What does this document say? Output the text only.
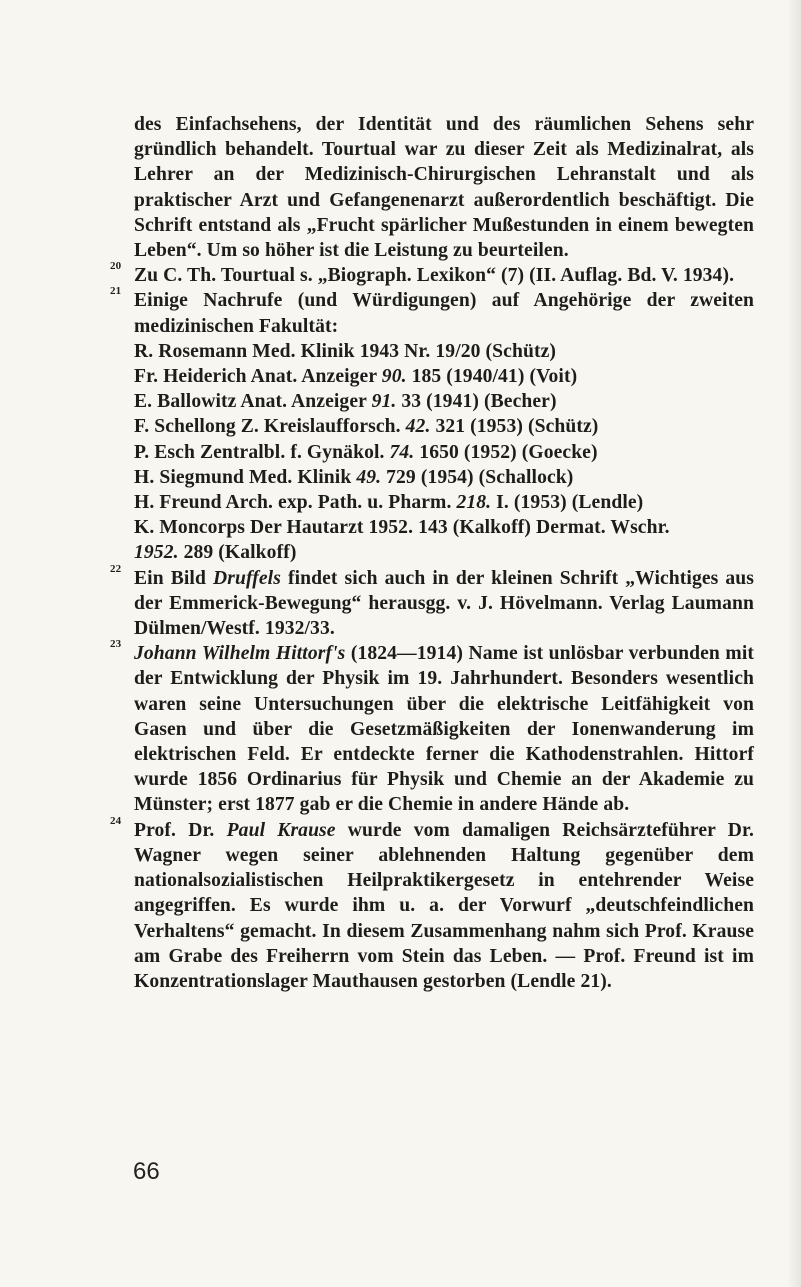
des Einfachsehens, der Identität und des räumlichen Sehens sehr gründlich behandelt. Tourtual war zu dieser Zeit als Medizinalrat, als Lehrer an der Medizinisch-Chirurgischen Lehranstalt und als praktischer Arzt und Gefangenenarzt außerordentlich beschäftigt. Die Schrift entstand als „Frucht spärlicher Mußestunden in einem bewegten Leben“. Um so höher ist die Leistung zu beurteilen.
20 Zu C. Th. Tourtual s. „Biograph. Lexikon“ (7) (II. Auflag. Bd. V. 1934).
21 Einige Nachrufe (und Würdigungen) auf Angehörige der zweiten medizinischen Fakultät:
R. Rosemann Med. Klinik 1943 Nr. 19/20 (Schütz)
Fr. Heiderich Anat. Anzeiger 90. 185 (1940/41) (Voit)
E. Ballowitz Anat. Anzeiger 91. 33 (1941) (Becher)
F. Schellong Z. Kreislaufforsch. 42. 321 (1953) (Schütz)
P. Esch Zentralbl. f. Gynäkol. 74. 1650 (1952) (Goecke)
H. Siegmund Med. Klinik 49. 729 (1954) (Schallock)
H. Freund Arch. exp. Path. u. Pharm. 218. I. (1953) (Lendle)
K. Moncorps Der Hautarzt 1952. 143 (Kalkoff) Dermat. Wschr.
1952. 289 (Kalkoff)
22 Ein Bild Druffels findet sich auch in der kleinen Schrift „Wichtiges aus der Emmerick-Bewegung“ herausgg. v. J. Hövelmann. Verlag Laumann Dülmen/Westf. 1932/33.
23 Johann Wilhelm Hittorf's (1824—1914) Name ist unlösbar verbunden mit der Entwicklung der Physik im 19. Jahrhundert. Besonders wesentlich waren seine Untersuchungen über die elektrische Leitfähigkeit von Gasen und über die Gesetzmäßigkeiten der Ionenwanderung im elektrischen Feld. Er entdeckte ferner die Kathodenstrahlen. Hittorf wurde 1856 Ordinarius für Physik und Chemie an der Akademie zu Münster; erst 1877 gab er die Chemie in andere Hände ab.
24 Prof. Dr. Paul Krause wurde vom damaligen Reichsärzteführer Dr. Wagner wegen seiner ablehnenden Haltung gegenüber dem nationalsozialistischen Heilpraktikergesetz in entehrender Weise angegriffen. Es wurde ihm u. a. der Vorwurf „deutschfeindlichen Verhaltens“ gemacht. In diesem Zusammenhang nahm sich Prof. Krause am Grabe des Freiherrn vom Stein das Leben. — Prof. Freund ist im Konzentrationslager Mauthausen gestorben (Lendle 21).
66
